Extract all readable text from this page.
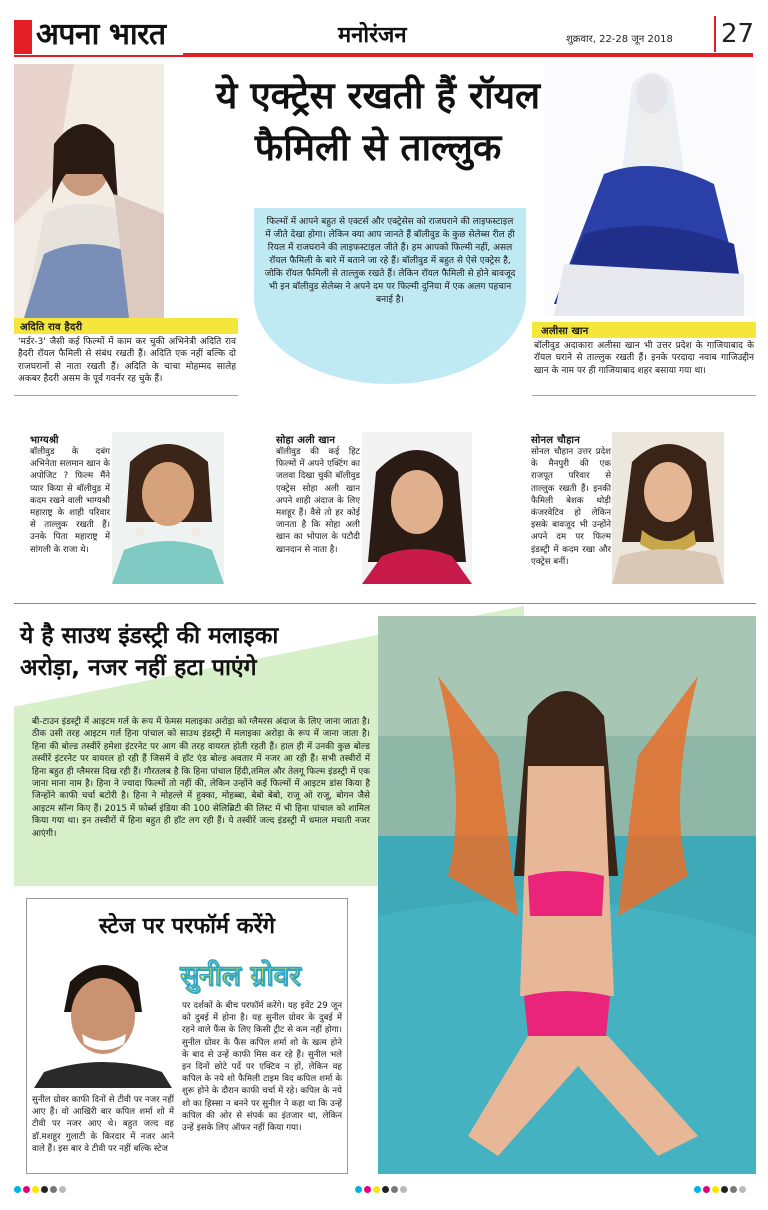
अपना भारत	मनोरंजन	शुक्रवार, 22-28 जून 2018 27
अदिति राव हैदरी
'मर्डर-3' जैसी कई फिल्मों में काम कर चुकी अभिनेत्री अदिति राव हैदरी रॉयल फैमिली से संबंध रखती हैं। अदिति एक नहीं बल्कि दो राजघरानों से नाता रखती हैं। अदिति के चाचा मोहम्मद सालेह अकबर हैदरी असम के पूर्व गवर्नर रह चुके हैं।
ये एक्ट्रेस रखती हैं रॉयल
फैमिली से ताल्लुक
फिल्मों में आपने बहुत से एक्टर्स और एक्ट्रेसेस को राजघराने की लाइफस्टाइल में जीते देखा होगा। लेकिन क्या आप जानते हैं बॉलीवुड के कुछ सेलेब्स रील ही रियल में राजघराने की लाइफस्टाइल जीते हैं। हम आपको फिल्मी नहीं, असल रॉयल फैमिली के बारे में बताने जा रहे हैं। बॉलीवुड में बहुत से ऐसे एक्ट्रेस है, जोकि रॉयल फैमिली से ताल्लुक रखते हैं। लेकिन रॉयल फैमिली से होने बावजूद भी इन बॉलीवुड सेलेब्स ने अपने दम पर फिल्मी दुनिया में एक अलग पहचान बनाई है।
अलीसा खान
बॉलीवुड अदाकारा अलीसा खान भी उत्तर प्रदेश के गाजियाबाद के रॉयल घराने से ताल्लुक रखती हैं। इनके परदादा नवाब गाजिउद्दीन खान के नाम पर ही गाजियाबाद शहर बसाया गया था।
भाग्यश्री
बॉलीवुड के दबंग अभिनेता सलमान खान के अपोजिट ? फिल्म मैंने प्यार किया से बॉलीवुड में कदम रखने वाली भाग्यश्री महाराष्ट्र के शाही परिवार से ताल्लुक रखती हैं। उनके पिता महाराष्ट्र में सांगली के राजा थे।
सोहा अली खान
बॉलीवुड की कई हिट फिल्मों में अपने एक्टिंग का जलवा दिखा चुकी बॉलीवुड एक्ट्रेस सोहा अली खान अपने शाही अंदाज के लिए मशहूर हैं। वैसे तो हर कोई जानता है कि सोहा अली खान का भोपाल के पटौदी खानदान से नाता है।
सोनल चौहान
सोनल चौहान उत्तर प्रदेश के मैनपुरी की एक राजपूत परिवार से ताल्लुक रखती हैं। इनकी फैमिली बेशक थोड़ी कंजरवेटिव हो लेकिन इसके बावजूद भी उन्होंने अपने दम पर फिल्म इंडस्ट्री में कदम रखा और एक्ट्रेस बनीं।
ये है साउथ इंडस्ट्री की मलाइका
अरोड़ा, नजर नहीं हटा पाएंगे
बी-टाउन इंडस्ट्री में आइटम गर्ल के रूप में फेमस मलाइका अरोड़ा को ग्लैमरस अंदाज के लिए जाना जाता है। ठीक उसी तरह आइटम गर्ल हिना पांचाल को साउथ इंडस्ट्री में मलाइका अरोड़ा के रूप में जाना जाता है। हिना की बोल्ड तस्वीरें हमेशा इंटरनेट पर आग की तरह वायरल होती रहती हैं। हाल ही में उनकी कुछ बोल्ड तस्वीरें इंटरनेट पर वायरल हो रही हैं जिसमें वे हॉट एंड बोल्ड अवतार में नजर आ रही हैं। सभी तस्वीरों में हिना बहुत ही ग्लैमरस दिख रही हैं। गौरतलब है कि हिना पांचाल हिंदी,तमिल और तेलगू फिल्म इंडस्ट्री में एक जाना माना नाम है। हिना ने ज्यादा फिल्मों तो नहीं की, लेकिन उन्होंने कई फिल्मों में आइटम डांस किया है जिन्होंने काफी चर्चा बटोरी है। हिना ने मोहल्ले में हुक्का, मोहब्बा, बेबो बेबो, राजू ओ राजू, बोगन जैसे आइटम सॉन्ग किए हैं। 2015 में फोर्ब्स इंडिया की 100 सेलिब्रिटी की लिस्ट में भी हिना पांचाल को शामिल किया गया था। इन तस्वीरों में हिना बहुत ही हॉट लग रही हैं। ये तस्वीरें जल्द इंडस्ट्री में धमाल मचाती नजर आएंगी।
स्टेज पर परफॉर्म करेंगे
सुनील ग्रोवर
सुनील ग्रोवर काफी दिनों से टीवी पर नजर नहीं आए हैं। वो आखिरी बार कपिल शर्मा शो में टीवी पर नजर आए थे। बहुत जल्द वह डॉ.मशहूर गुलाटी के किरदार में नजर आने वाले हैं। इस बार वे टीवी पर नहीं बल्कि स्टेज
पर दर्शकों के बीच परफॉर्म करेंगे। यह इवेंट 29 जून को दुबई में होना है। यह सुनील ग्रोवर के दुबई में रहने वाले फैंस के लिए किसी ट्रीट से कम नहीं होगा। सुनील ग्रोवर के फैंस कपिल शर्मा शो के खत्म होने के बाद से उन्हें काफी मिस कर रहे हैं। सुनील भले इन दिनों छोटे पर्दे पर एक्टिव न हों, लेकिन वह कपिल के नये शो फैमिली टाइम विद कपिल शर्मा के शुरू होने के दौरान काफी चर्चा में रहे। कपिल के नये शो का हिस्सा न बनने पर सुनील ने कहा था कि उन्हें कपिल की ओर से संपर्क का इंतजार था, लेकिन उन्हें इसके लिए ऑफर नहीं किया गया।
